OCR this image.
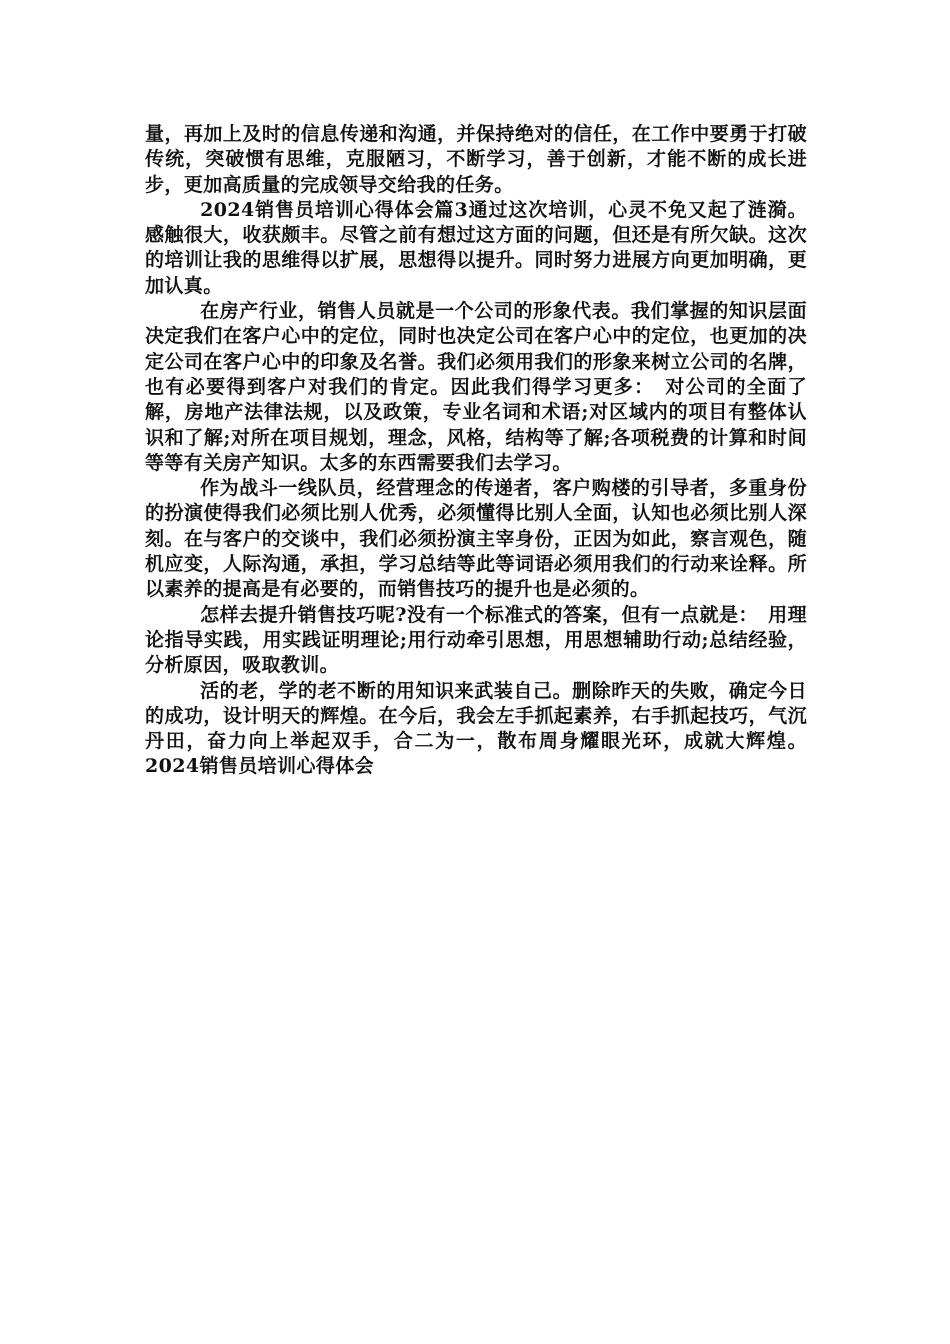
量，再加上及时的信息传递和沟通，并保持绝对的信任，在工作中要勇于打破传统，突破惯有思维，克服陋习，不断学习，善于创新，才能不断的成长进步，更加高质量的完成领导交给我的任务。

2024销售员培训心得体会篇3通过这次培训，心灵不免又起了涟漪。感触很大，收获颇丰。尽管之前有想过这方面的问题，但还是有所欠缺。这次的培训让我的思维得以扩展，思想得以提升。同时努力进展方向更加明确，更加认真。

在房产行业，销售人员就是一个公司的形象代表。我们掌握的知识层面决定我们在客户心中的定位，同时也决定公司在客户心中的定位，也更加的决定公司在客户心中的印象及名誉。我们必须用我们的形象来树立公司的名牌，也有必要得到客户对我们的肯定。因此我们得学习更多：　对公司的全面了解，房地产法律法规，以及政策，专业名词和术语;对区域内的项目有整体认识和了解;对所在项目规划，理念，风格，结构等了解;各项税费的计算和时间等等有关房产知识。太多的东西需要我们去学习。

作为战斗一线队员，经营理念的传递者，客户购楼的引导者，多重身份的扮演使得我们必须比别人优秀，必须懂得比别人全面，认知也必须比别人深刻。在与客户的交谈中，我们必须扮演主宰身份，正因为如此，察言观色，随机应变，人际沟通，承担，学习总结等此等词语必须用我们的行动来诠释。所以素养的提高是有必要的，而销售技巧的提升也是必须的。

怎样去提升销售技巧呢?没有一个标准式的答案，但有一点就是：　用理论指导实践，用实践证明理论;用行动牵引思想，用思想辅助行动;总结经验，分析原因，吸取教训。

活的老，学的老不断的用知识来武装自己。删除昨天的失败，确定今日的成功，设计明天的辉煌。在今后，我会左手抓起素养，右手抓起技巧，气沉丹田，奋力向上举起双手，合二为一，散布周身耀眼光环，成就大辉煌。2024销售员培训心得体会
